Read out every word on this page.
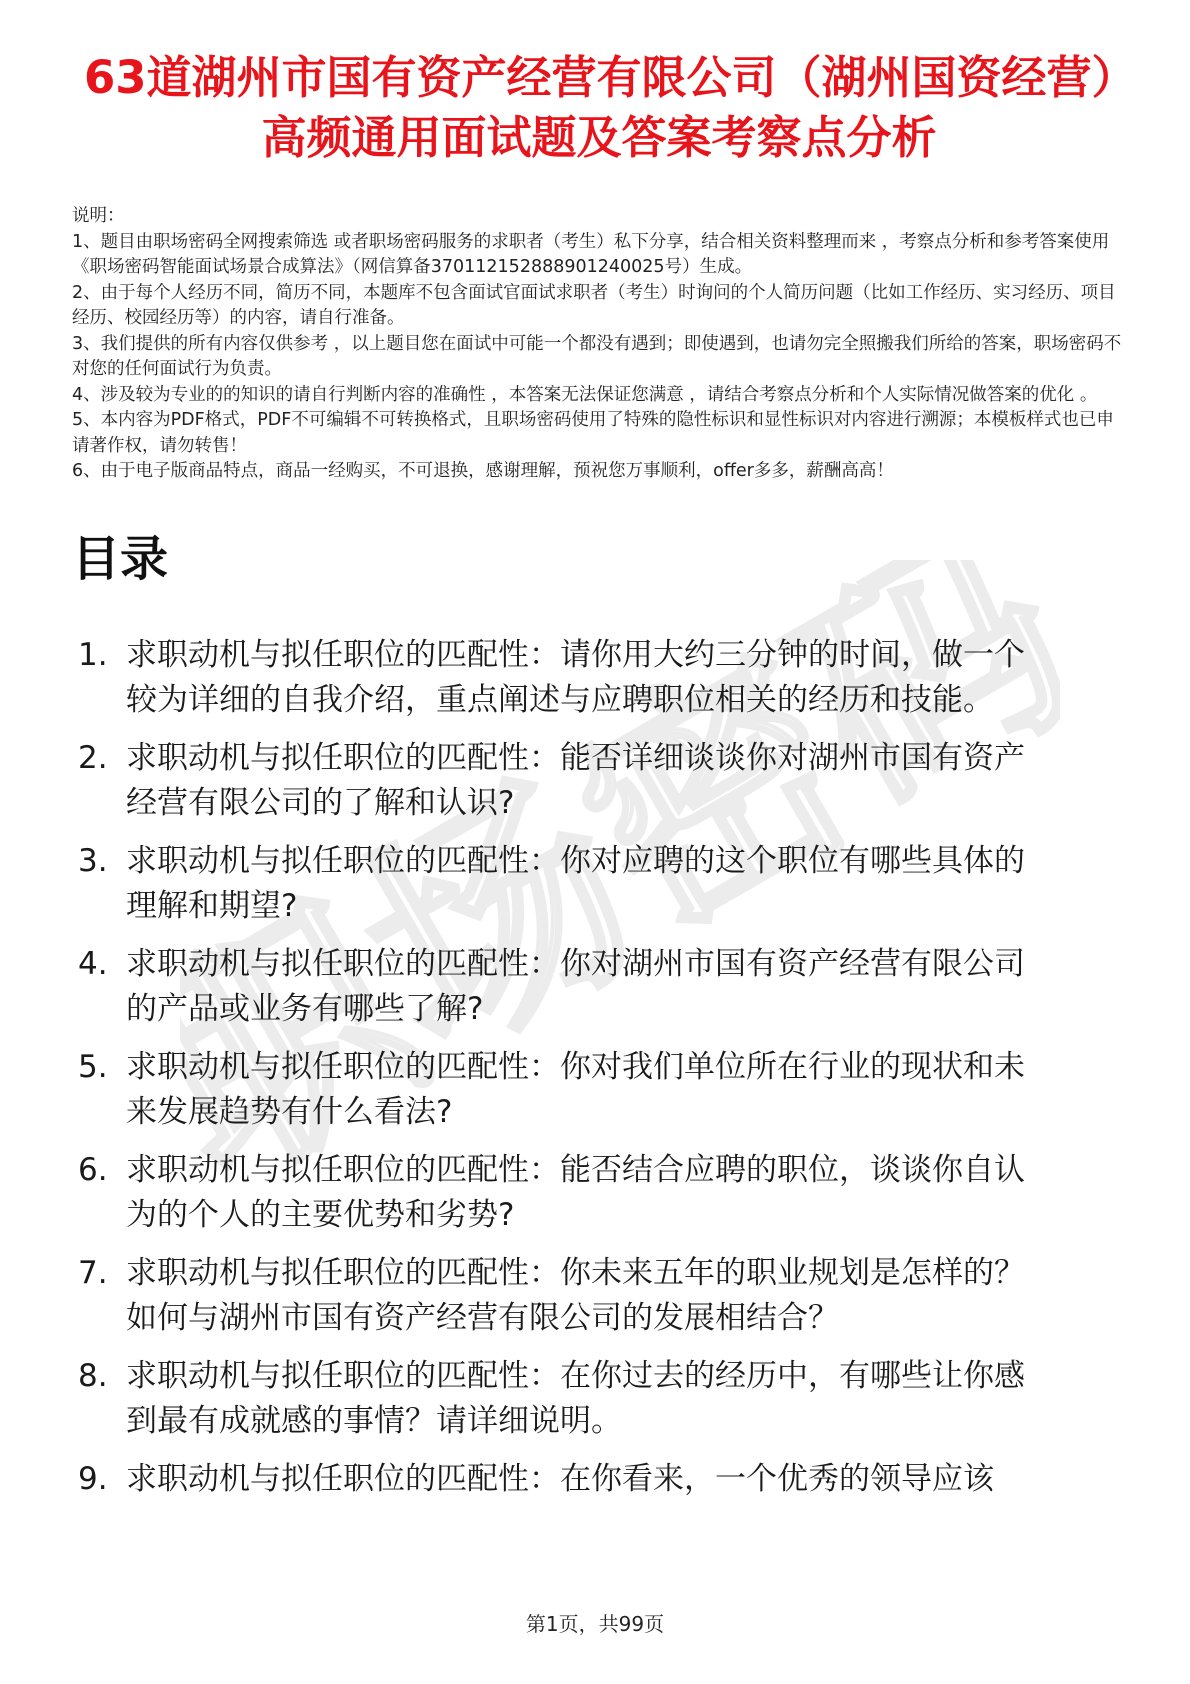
职场密码
63道湖州市国有资产经营有限公司（湖州国资经营）高频通用面试题及答案考察点分析

说明：

1、题目由职场密码全网搜索筛选 或者职场密码服务的求职者（考生）私下分享，结合相关资料整理而来 ，考察点分析和参考答案使用《职场密码智能面试场景合成算法》（网信算备370112152888901240025号）生成。

2、由于每个人经历不同，简历不同，本题库不包含面试官面试求职者（考生）时询问的个人简历问题（比如工作经历、实习经历、项目经历、校园经历等）的内容，请自行准备。

3、我们提供的所有内容仅供参考 ，以上题目您在面试中可能一个都没有遇到；即使遇到，也请勿完全照搬我们所给的答案，职场密码不对您的任何面试行为负责。

4、涉及较为专业的的知识的请自行判断内容的准确性 ，本答案无法保证您满意 ，请结合考察点分析和个人实际情况做答案的优化 。

5、本内容为PDF格式，PDF不可编辑不可转换格式，且职场密码使用了特殊的隐性标识和显性标识对内容进行溯源；本模板样式也已申请著作权，请勿转售！

6、由于电子版商品特点，商品一经购买，不可退换，感谢理解，预祝您万事顺利，offer多多，薪酬高高！

目录
1. 求职动机与拟任职位的匹配性：请你用大约三分钟的时间，做一个较为详细的自我介绍，重点阐述与应聘职位相关的经历和技能。
2. 求职动机与拟任职位的匹配性：能否详细谈谈你对湖州市国有资产经营有限公司的了解和认识?
3. 求职动机与拟任职位的匹配性：你对应聘的这个职位有哪些具体的理解和期望?
4. 求职动机与拟任职位的匹配性：你对湖州市国有资产经营有限公司的产品或业务有哪些了解?
5. 求职动机与拟任职位的匹配性：你对我们单位所在行业的现状和未来发展趋势有什么看法?
6. 求职动机与拟任职位的匹配性：能否结合应聘的职位，谈谈你自认为的个人的主要优势和劣势?
7. 求职动机与拟任职位的匹配性：你未来五年的职业规划是怎样的？如何与湖州市国有资产经营有限公司的发展相结合？
8. 求职动机与拟任职位的匹配性：在你过去的经历中，有哪些让你感到最有成就感的事情？请详细说明。
9. 求职动机与拟任职位的匹配性：在你看来，一个优秀的领导应该
第1页，共99页
